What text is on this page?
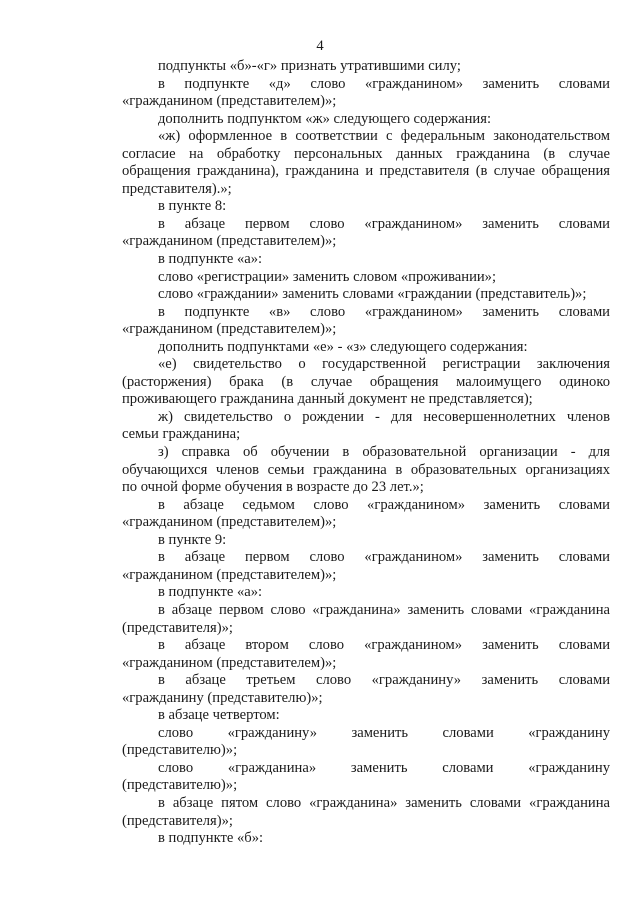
4
подпункты «б»-«г» признать утратившими силу;
в подпункте «д» слово «гражданином» заменить словами
«гражданином (представителем)»;
дополнить подпунктом «ж» следующего содержания:
«ж) оформленное в соответствии с федеральным законодательством
согласие на обработку персональных данных гражданина (в случае
обращения гражданина), гражданина и представителя (в случае обращения
представителя).»;
в пункте 8:
в абзаце первом слово «гражданином» заменить словами
«гражданином (представителем)»;
в подпункте «а»:
слово «регистрации» заменить словом «проживании»;
слово «граждании» заменить словами «граждании (представитель)»;
в подпункте «в» слово «гражданином» заменить словами
«гражданином (представителем)»;
дополнить подпунктами «е» - «з» следующего содержания:
«е) свидетельство о государственной регистрации заключения
(расторжения) брака (в случае обращения малоимущего одиноко
проживающего гражданина данный документ не представляется);
ж) свидетельство о рождении - для несовершеннолетних членов
семьи гражданина;
з) справка об обучении в образовательной организации - для
обучающихся членов семьи гражданина в образовательных организациях
по очной форме обучения в возрасте до 23 лет.»;
в абзаце седьмом слово «гражданином» заменить словами
«гражданином (представителем)»;
в пункте 9:
в абзаце первом слово «гражданином» заменить словами
«гражданином (представителем)»;
в подпункте «а»:
в абзаце первом слово «гражданина» заменить словами «гражданина
(представителя)»;
в абзаце втором слово «гражданином» заменить словами
«гражданином (представителем)»;
в абзаце третьем слово «гражданину» заменить словами
«гражданину (представителю)»;
в абзаце четвертом:
слово «гражданину» заменить словами «гражданину
(представителю)»;
слово «гражданина» заменить словами «гражданину
(представителю)»;
в абзаце пятом слово «гражданина» заменить словами «гражданина
(представителя)»;
в подпункте «б»:
